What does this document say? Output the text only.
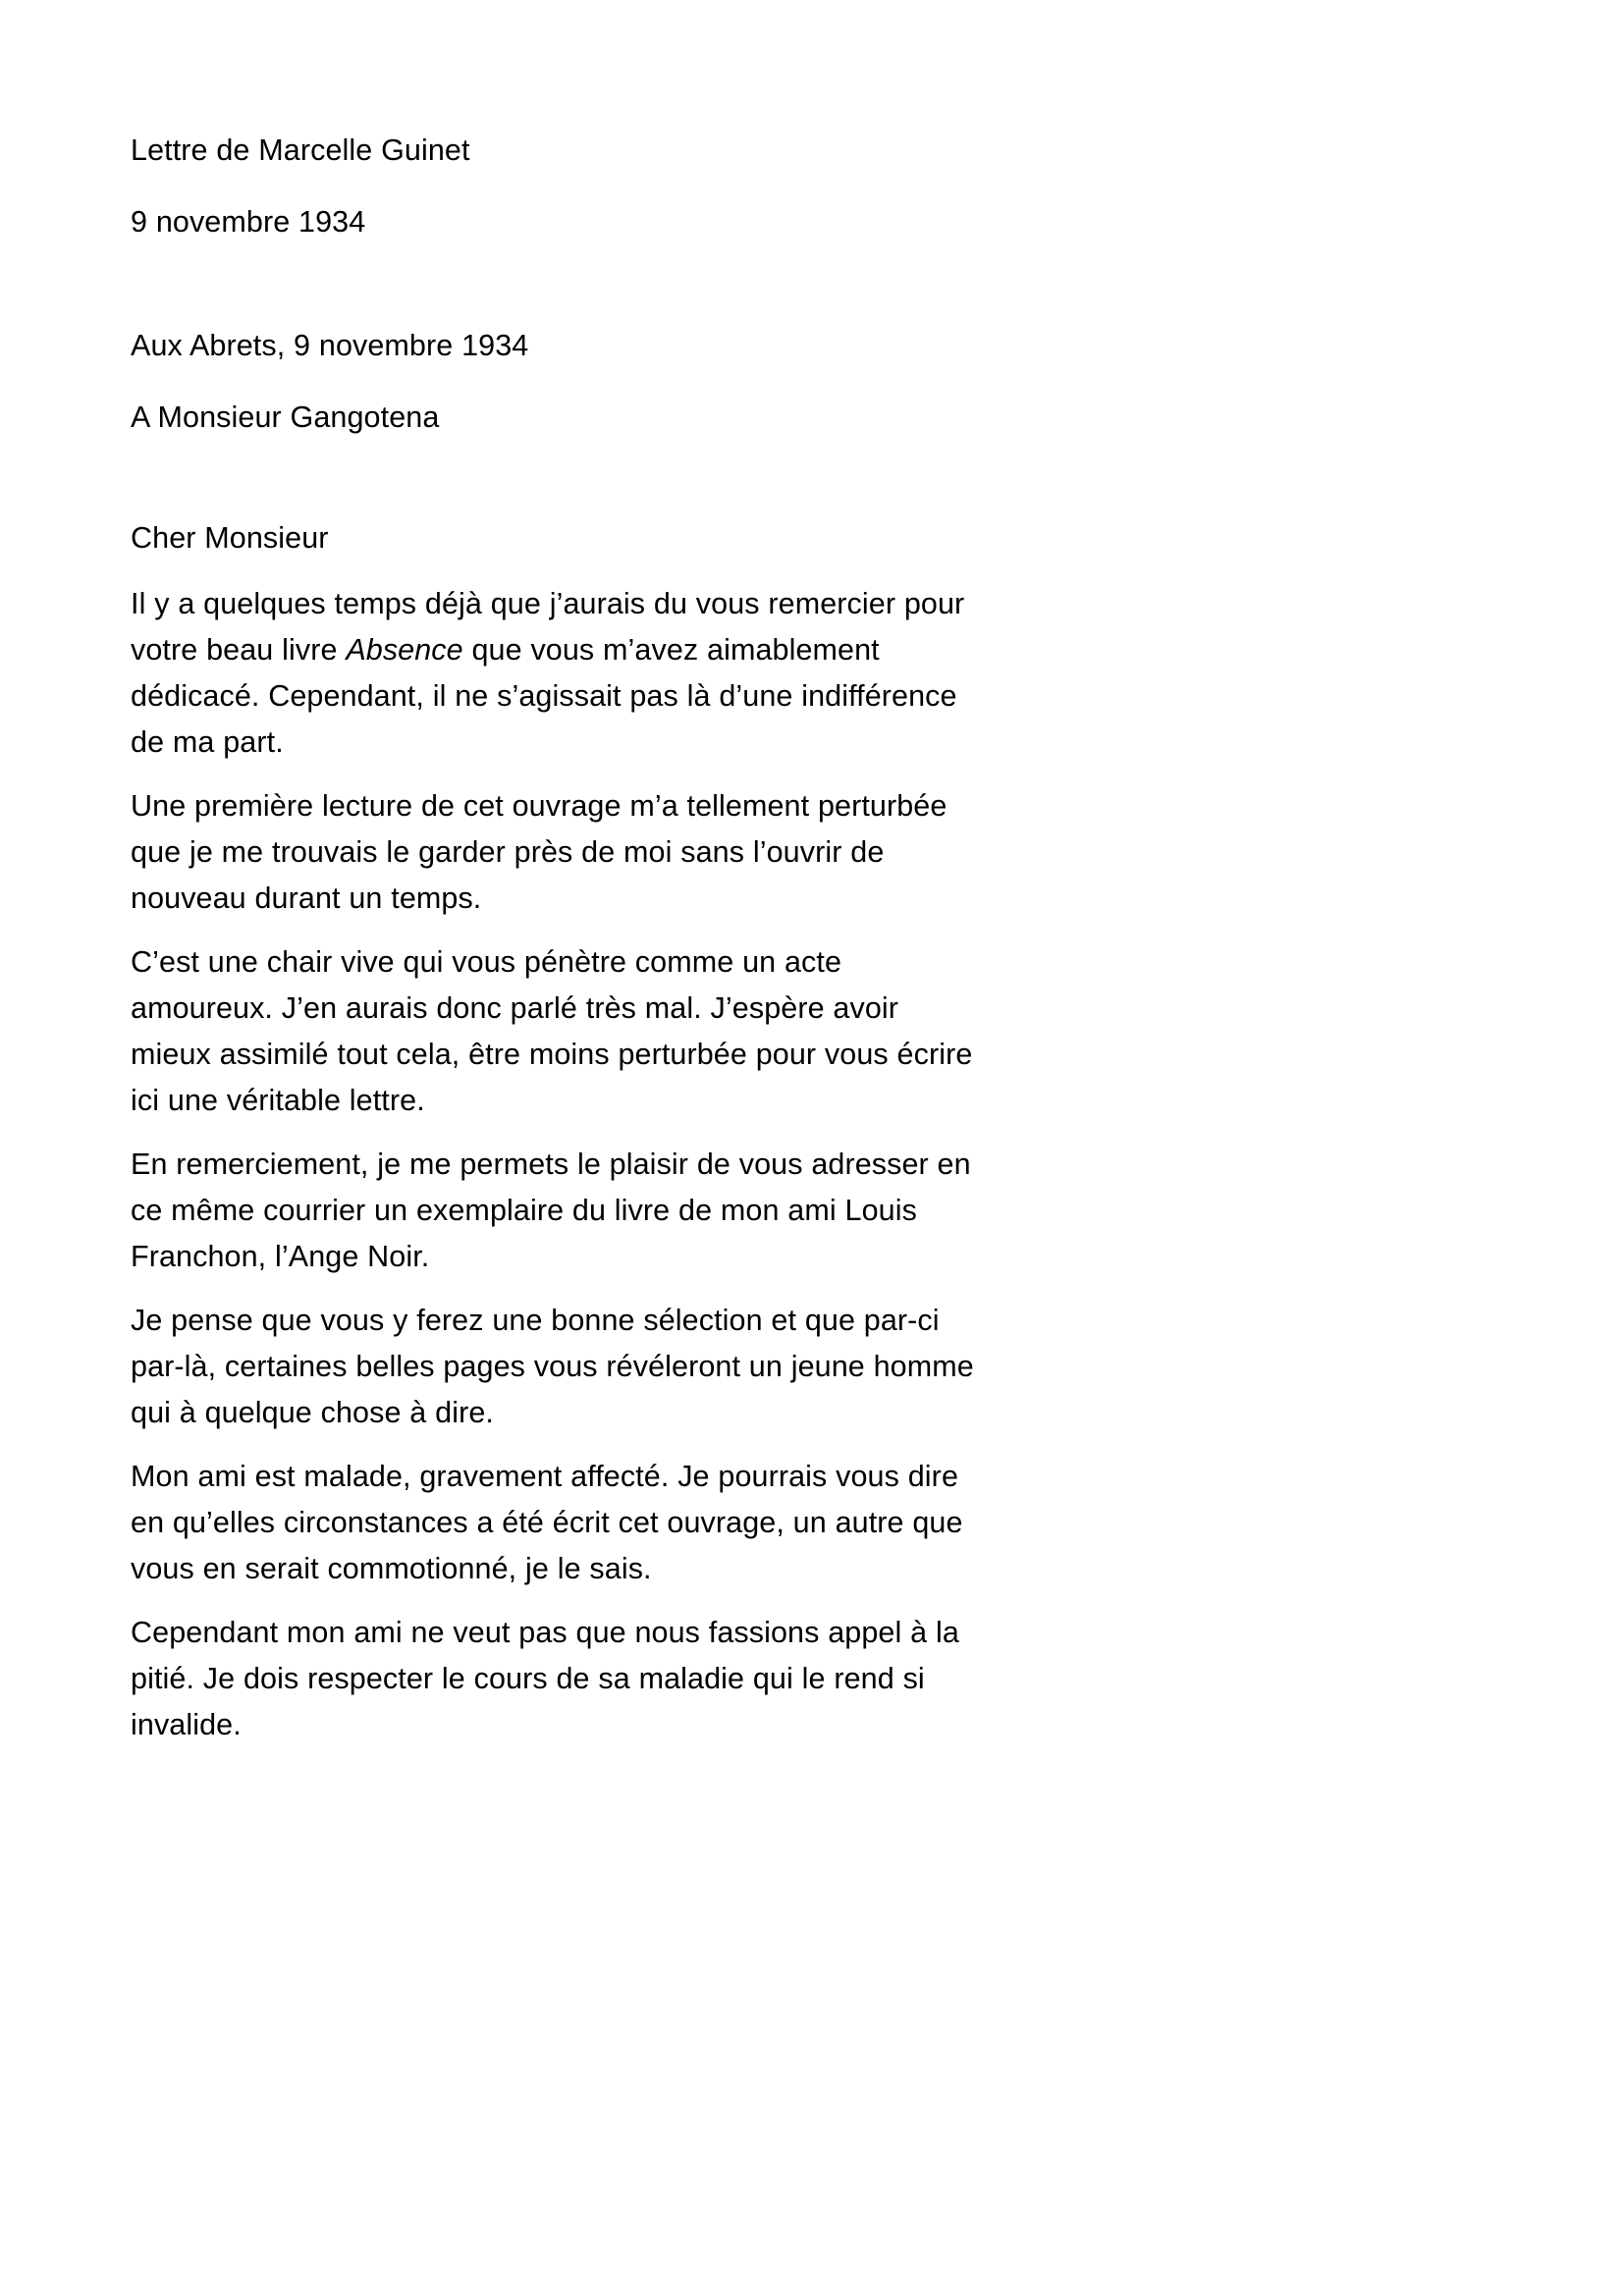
Lettre de Marcelle Guinet
9 novembre 1934
Aux Abrets, 9 novembre 1934
A Monsieur Gangotena
Cher Monsieur

Il y a quelques temps déjà que j’aurais du vous remercier pour votre beau livre Absence que vous m’avez aimablement dédicacé. Cependant, il ne s’agissait pas là d’une indifférence de ma part.

Une première lecture de cet ouvrage m’a tellement perturbée que je me trouvais le garder près de moi sans l’ouvrir de nouveau durant un temps.

C’est une chair vive qui vous pénètre comme un acte amoureux. J’en aurais donc parlé très mal. J’espère avoir mieux assimilé tout cela, être moins perturbée pour vous écrire ici une véritable lettre.

En remerciement, je me permets le plaisir de vous adresser en ce même courrier un exemplaire du livre de mon ami Louis Franchon, l’Ange Noir.

Je pense que vous y ferez une bonne sélection et que par-ci par-là, certaines belles pages vous révéleront un jeune homme qui à quelque chose à dire.

Mon ami est malade, gravement affecté. Je pourrais vous dire en qu’elles circonstances a été écrit cet ouvrage, un autre que vous en serait commotionné, je le sais.

Cependant mon ami ne veut pas que nous fassions appel à la pitié. Je dois respecter le cours de sa maladie qui le rend si invalide.
